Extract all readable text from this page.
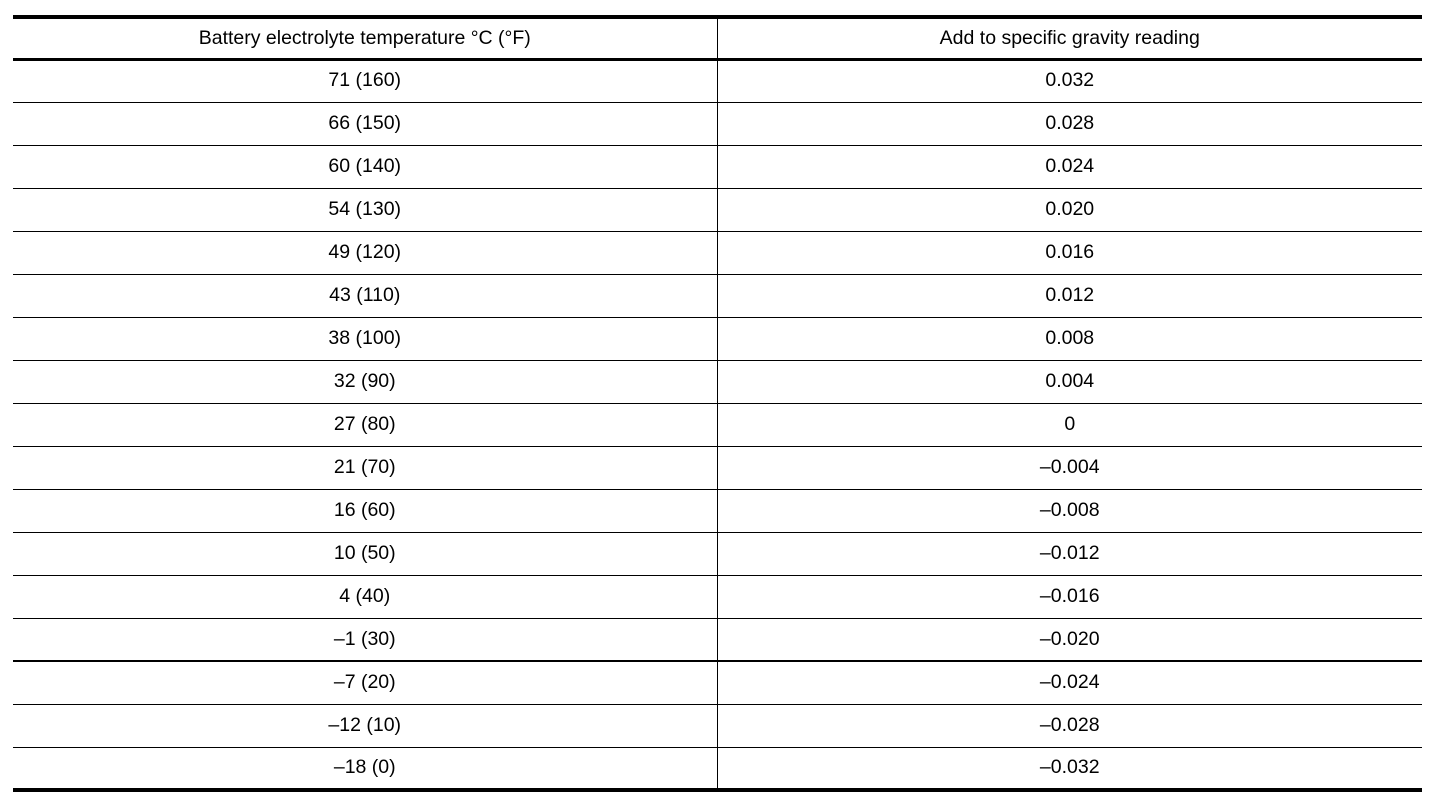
Battery electrolyte temperature °C (°F)	Add to specific gravity reading
71 (160)	0.032
66 (150)	0.028
60 (140)	0.024
54 (130)	0.020
49 (120)	0.016
43 (110)	0.012
38 (100)	0.008
32 (90)	0.004
27 (80)	0
21 (70)	–0.004
16 (60)	–0.008
10 (50)	–0.012
4 (40)	–0.016
–1 (30)	–0.020
–7 (20)	–0.024
–12 (10)	–0.028
–18 (0)	–0.032
